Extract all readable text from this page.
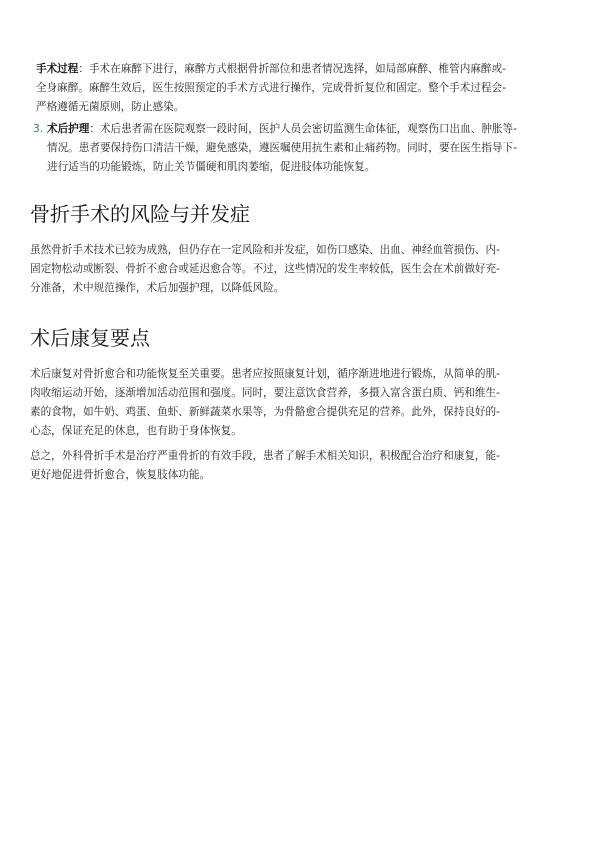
手术过程：手术在麻醉下进行，麻醉方式根据骨折部位和患者情况选择，如局部麻醉、椎管内麻醉或-
全身麻醉。麻醉生效后，医生按照预定的手术方式进行操作，完成骨折复位和固定。整个手术过程会-
严格遵循无菌原则，防止感染。
3. 术后护理：术后患者需在医院观察一段时间，医护人员会密切监测生命体征，观察伤口出血、肿胀等-
情况。患者要保持伤口清洁干燥，避免感染，遵医嘱使用抗生素和止痛药物。同时，要在医生指导下-
进行适当的功能锻炼，防止关节僵硬和肌肉萎缩，促进肢体功能恢复。
骨折手术的风险与并发症
虽然骨折手术技术已较为成熟，但仍存在一定风险和并发症，如伤口感染、出血、神经血管损伤、内-
固定物松动或断裂、骨折不愈合或延迟愈合等。不过，这些情况的发生率较低，医生会在术前做好充-
分准备，术中规范操作，术后加强护理，以降低风险。
术后康复要点
术后康复对骨折愈合和功能恢复至关重要。患者应按照康复计划，循序渐进地进行锻炼，从简单的肌-
肉收缩运动开始，逐渐增加活动范围和强度。同时，要注意饮食营养，多摄入富含蛋白质、钙和维生-
素的食物，如牛奶、鸡蛋、鱼虾、新鲜蔬菜水果等，为骨骼愈合提供充足的营养。此外，保持良好的-
心态，保证充足的休息，也有助于身体恢复。
总之，外科骨折手术是治疗严重骨折的有效手段，患者了解手术相关知识，积极配合治疗和康复，能-
更好地促进骨折愈合，恢复肢体功能。
